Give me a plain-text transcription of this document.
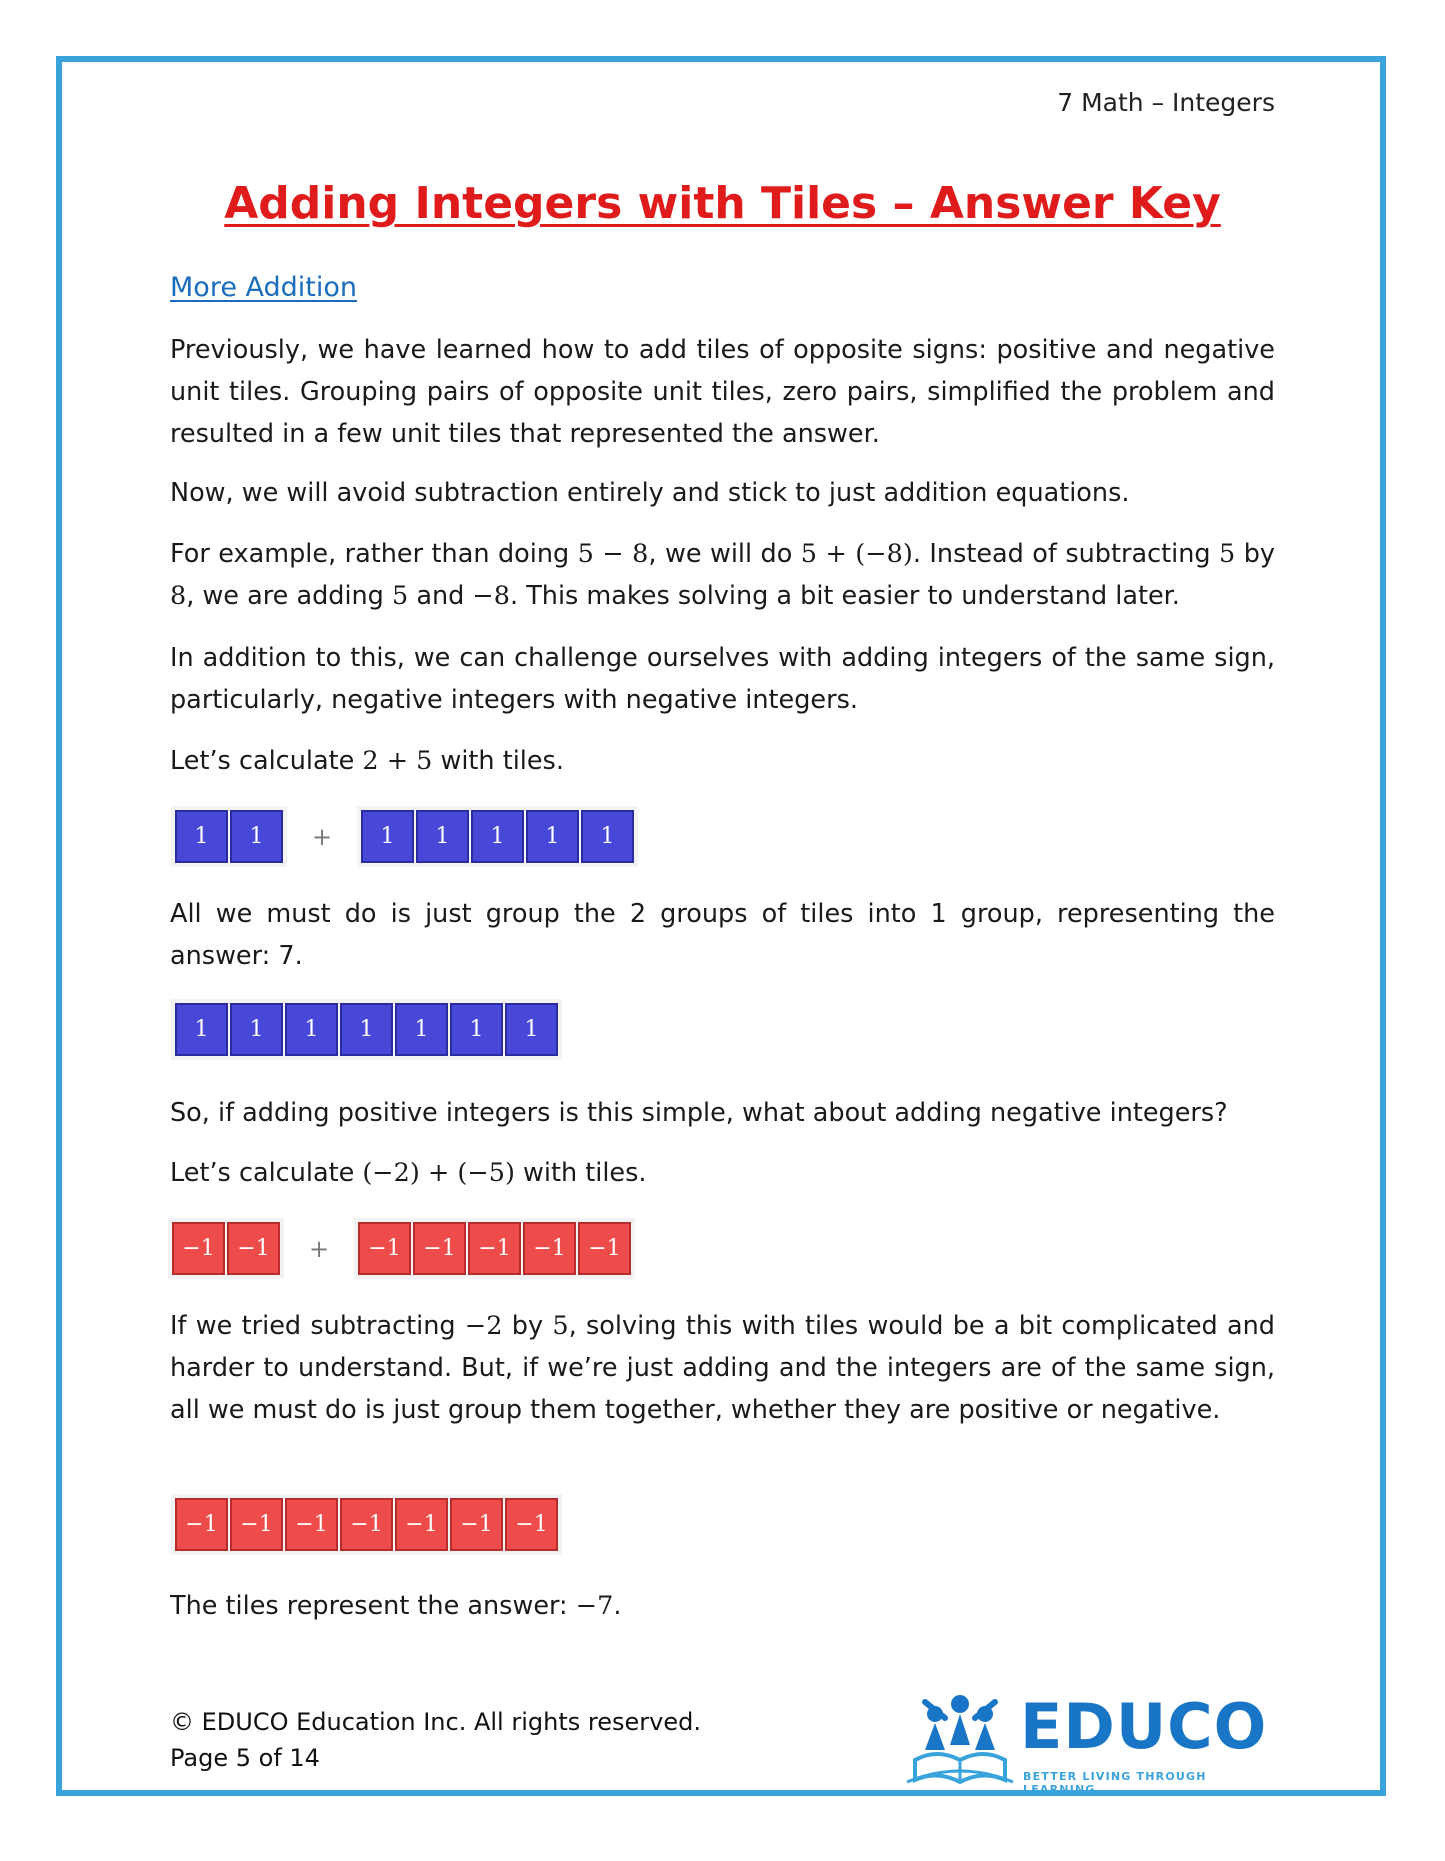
7 Math – Integers
Adding Integers with Tiles – Answer Key
More Addition

Previously, we have learned how to add tiles of opposite signs: positive and negative unit tiles. Grouping pairs of opposite unit tiles, zero pairs, simplified the problem and resulted in a few unit tiles that represented the answer.

Now, we will avoid subtraction entirely and stick to just addition equations.

For example, rather than doing 5 − 8, we will do 5 + (−8). Instead of subtracting 5 by 8, we are adding 5 and −8. This makes solving a bit easier to understand later.

In addition to this, we can challenge ourselves with adding integers of the same sign, particularly, negative integers with negative integers.

Let’s calculate 2 + 5 with tiles.

1	1	+	1	1	1	1	1

All we must do is just group the 2 groups of tiles into 1 group, representing the answer: 7.

1	1	1	1	1	1	1

So, if adding positive integers is this simple, what about adding negative integers?

Let’s calculate (−2) + (−5) with tiles.

−1	−1	+	−1	−1	−1	−1	−1

If we tried subtracting −2 by 5, solving this with tiles would be a bit complicated and harder to understand. But, if we’re just adding and the integers are of the same sign, all we must do is just group them together, whether they are positive or negative.

−1	−1	−1	−1	−1	−1	−1

The tiles represent the answer: −7.

© EDUCO Education Inc. All rights reserved.
Page 5 of 14	EDUCO
BETTER LIVING THROUGH LEARNING
